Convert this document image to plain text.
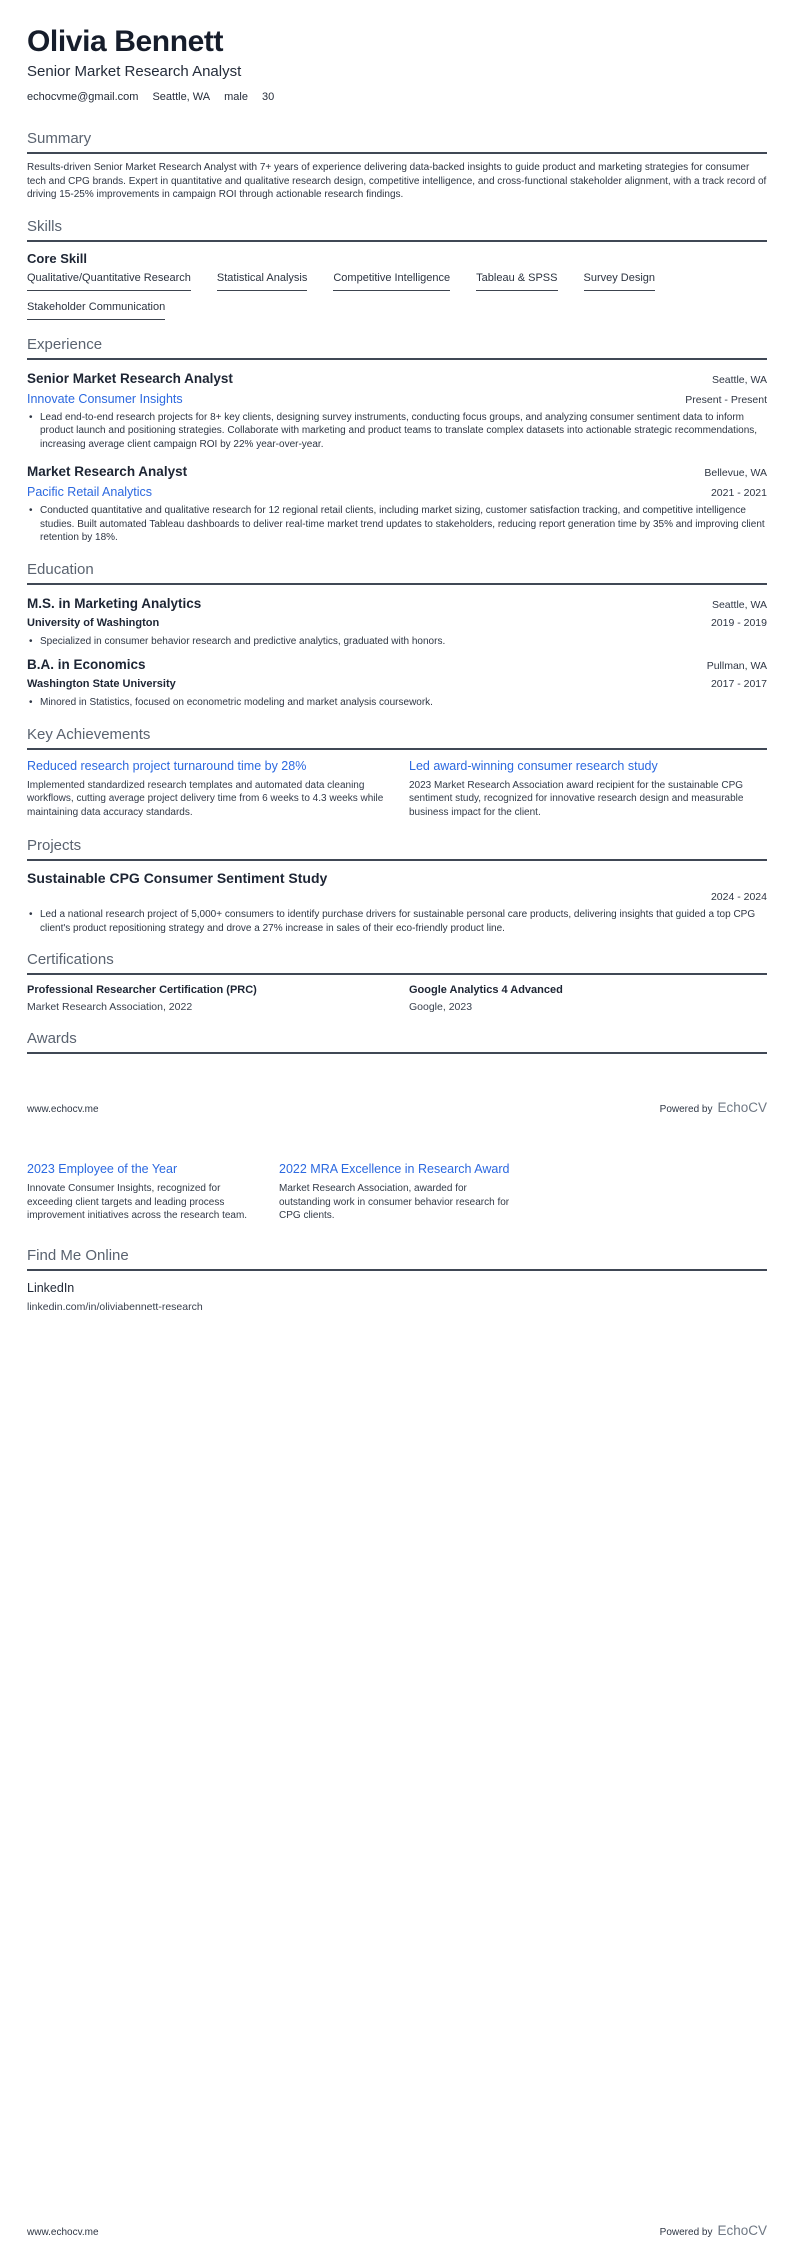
Olivia Bennett
Senior Market Research Analyst
echocvme@gmail.com Seattle, WA male 30
Summary
Results-driven Senior Market Research Analyst with 7+ years of experience delivering data-backed insights to guide product and marketing strategies for consumer tech and CPG brands. Expert in quantitative and qualitative research design, competitive intelligence, and cross-functional stakeholder alignment, with a track record of driving 15-25% improvements in campaign ROI through actionable research findings.
Skills
Core Skill
Qualitative/Quantitative Research Statistical Analysis Competitive Intelligence Tableau & SPSS Survey Design
Stakeholder Communication
Experience
Senior Market Research Analyst	Seattle, WA
Innovate Consumer Insights	Present - Present
• Lead end-to-end research projects for 8+ key clients, designing survey instruments, conducting focus groups, and analyzing consumer sentiment data to inform product launch and positioning strategies. Collaborate with marketing and product teams to translate complex datasets into actionable strategic recommendations, increasing average client campaign ROI by 22% year-over-year.
Market Research Analyst	Bellevue, WA
Pacific Retail Analytics	2021 - 2021
• Conducted quantitative and qualitative research for 12 regional retail clients, including market sizing, customer satisfaction tracking, and competitive intelligence studies. Built automated Tableau dashboards to deliver real-time market trend updates to stakeholders, reducing report generation time by 35% and improving client retention by 18%.
Education
M.S. in Marketing Analytics	Seattle, WA
University of Washington	2019 - 2019
• Specialized in consumer behavior research and predictive analytics, graduated with honors.
B.A. in Economics	Pullman, WA
Washington State University	2017 - 2017
• Minored in Statistics, focused on econometric modeling and market analysis coursework.
Key Achievements
Reduced research project turnaround time by 28%
Implemented standardized research templates and automated data cleaning workflows, cutting average project delivery time from 6 weeks to 4.3 weeks while maintaining data accuracy standards.
Led award-winning consumer research study
2023 Market Research Association award recipient for the sustainable CPG sentiment study, recognized for innovative research design and measurable business impact for the client.
Projects
Sustainable CPG Consumer Sentiment Study
2024 - 2024
• Led a national research project of 5,000+ consumers to identify purchase drivers for sustainable personal care products, delivering insights that guided a top CPG client's product repositioning strategy and drove a 27% increase in sales of their eco-friendly product line.
Certifications
Professional Researcher Certification (PRC)
Market Research Association, 2022
Google Analytics 4 Advanced
Google, 2023
Awards
www.echocv.me	Powered by EchoCV
2023 Employee of the Year
Innovate Consumer Insights, recognized for exceeding client targets and leading process improvement initiatives across the research team.
2022 MRA Excellence in Research Award
Market Research Association, awarded for outstanding work in consumer behavior research for CPG clients.
Find Me Online
LinkedIn
linkedin.com/in/oliviabennett-research
www.echocv.me	Powered by EchoCV
